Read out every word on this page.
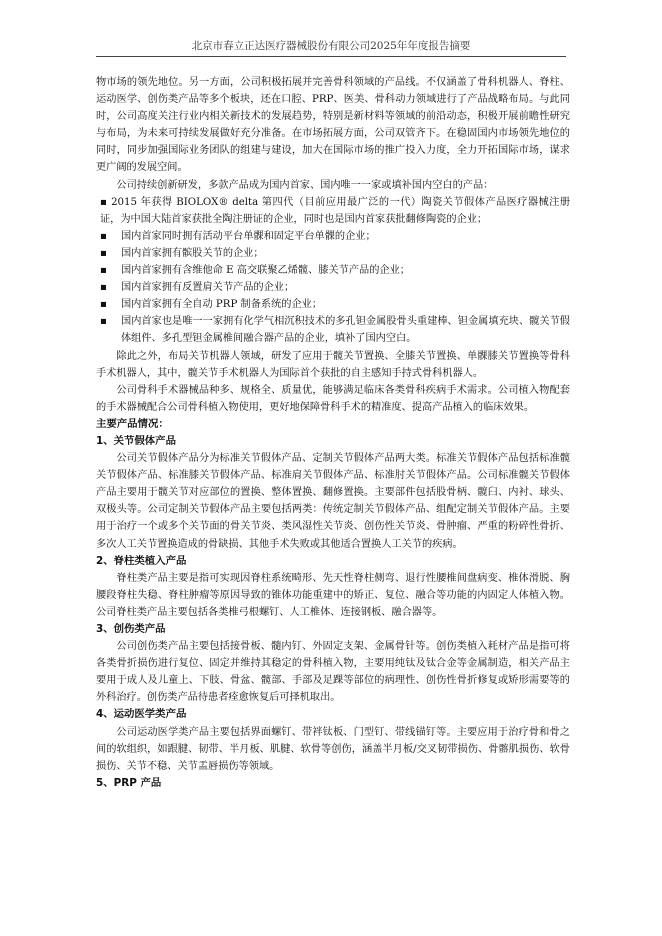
北京市春立正达医疗器械股份有限公司2025年年度报告摘要

物市场的领先地位。另一方面，公司积极拓展并完善骨科领域的产品线。不仅涵盖了骨科机器人、脊柱、运动医学、创伤类产品等多个板块，还在口腔、PRP、医美、骨科动力领域进行了产品战略布局。与此同时，公司高度关注行业内相关新技术的发展趋势，特别是新材料等领域的前沿动态，积极开展前瞻性研究与布局，为未来可持续发展做好充分准备。在市场拓展方面，公司双管齐下。在稳固国内市场领先地位的同时，同步加强国际业务团队的组建与建设，加大在国际市场的推广投入力度，全力开拓国际市场，谋求更广阔的发展空间。

公司持续创新研发，多款产品成为国内首家、国内唯一一家或填补国内空白的产品：

▪ 2015 年获得 BIOLOX® delta 第四代（目前应用最广泛的一代）陶瓷关节假体产品医疗器械注册证，为中国大陆首家获批全陶注册证的企业，同时也是国内首家获批翻修陶瓷的企业；

▪ 国内首家同时拥有活动平台单髁和固定平台单髁的企业；
▪ 国内首家拥有髌股关节的企业；
▪ 国内首家拥有含维他命 E 高交联聚乙烯髋、膝关节产品的企业；
▪ 国内首家拥有反置肩关节产品的企业；
▪ 国内首家拥有全自动 PRP 制备系统的企业；
▪ 国内首家也是唯一一家拥有化学气相沉积技术的多孔钽金属股骨头重建棒、钽金属填充块、髋关节假体组件、多孔型钽金属椎间融合器产品的企业，填补了国内空白。

除此之外，布局关节机器人领域，研发了应用于髋关节置换、全膝关节置换、单髁膝关节置换等骨科手术机器人，其中，髋关节手术机器人为国际首个获批的自主感知手持式骨科机器人。

公司骨科手术器械品种多、规格全、质量优，能够满足临床各类骨科疾病手术需求。公司植入物配套的手术器械配合公司骨科植入物使用，更好地保障骨科手术的精准度、提高产品植入的临床效果。

主要产品情况：
1、关节假体产品

公司关节假体产品分为标准关节假体产品、定制关节假体产品两大类。标准关节假体产品包括标准髋关节假体产品、标准膝关节假体产品、标准肩关节假体产品、标准肘关节假体产品。公司标准髋关节假体产品主要用于髋关节对应部位的置换、整体置换、翻修置换。主要部件包括股骨柄、髋臼、内衬、球头、双极头等。公司定制关节假体产品主要包括两类：传统定制关节假体产品、组配定制关节假体产品。主要用于治疗一个或多个关节面的骨关节炎、类风湿性关节炎、创伤性关节炎、骨肿瘤、严重的粉碎性骨折、多次人工关节置换造成的骨缺损、其他手术失败或其他适合置换人工关节的疾病。

2、脊柱类植入产品

脊柱类产品主要是指可实现因脊柱系统畸形、先天性脊柱侧弯、退行性腰椎间盘病变、椎体滑脱、胸腰段脊柱失稳、脊柱肿瘤等原因导致的锥体功能重建中的矫正、复位、融合等功能的内固定人体植入物。公司脊柱类产品主要包括各类椎弓根螺钉、人工椎体、连接钢板、融合器等。

3、创伤类产品

公司创伤类产品主要包括接骨板、髓内钉、外固定支架、金属骨针等。创伤类植入耗材产品是指可将各类骨折损伤进行复位、固定并维持其稳定的骨科植入物，主要用纯钛及钛合金等金属制造，相关产品主要用于成人及儿童上、下肢、骨盆、髋部、手部及足踝等部位的病理性、创伤性骨折修复或矫形需要等的外科治疗。创伤类产品待患者痊愈恢复后可择机取出。

4、运动医学类产品

公司运动医学类产品主要包括界面螺钉、带袢钛板、门型钉、带线锚钉等。主要应用于治疗骨和骨之间的软组织，如跟腱、韧带、半月板、肌腱、软骨等创伤，涵盖半月板/交叉韧带损伤、骨髂肌损伤、软骨损伤、关节不稳、关节盂唇损伤等领域。

5、PRP 产品
